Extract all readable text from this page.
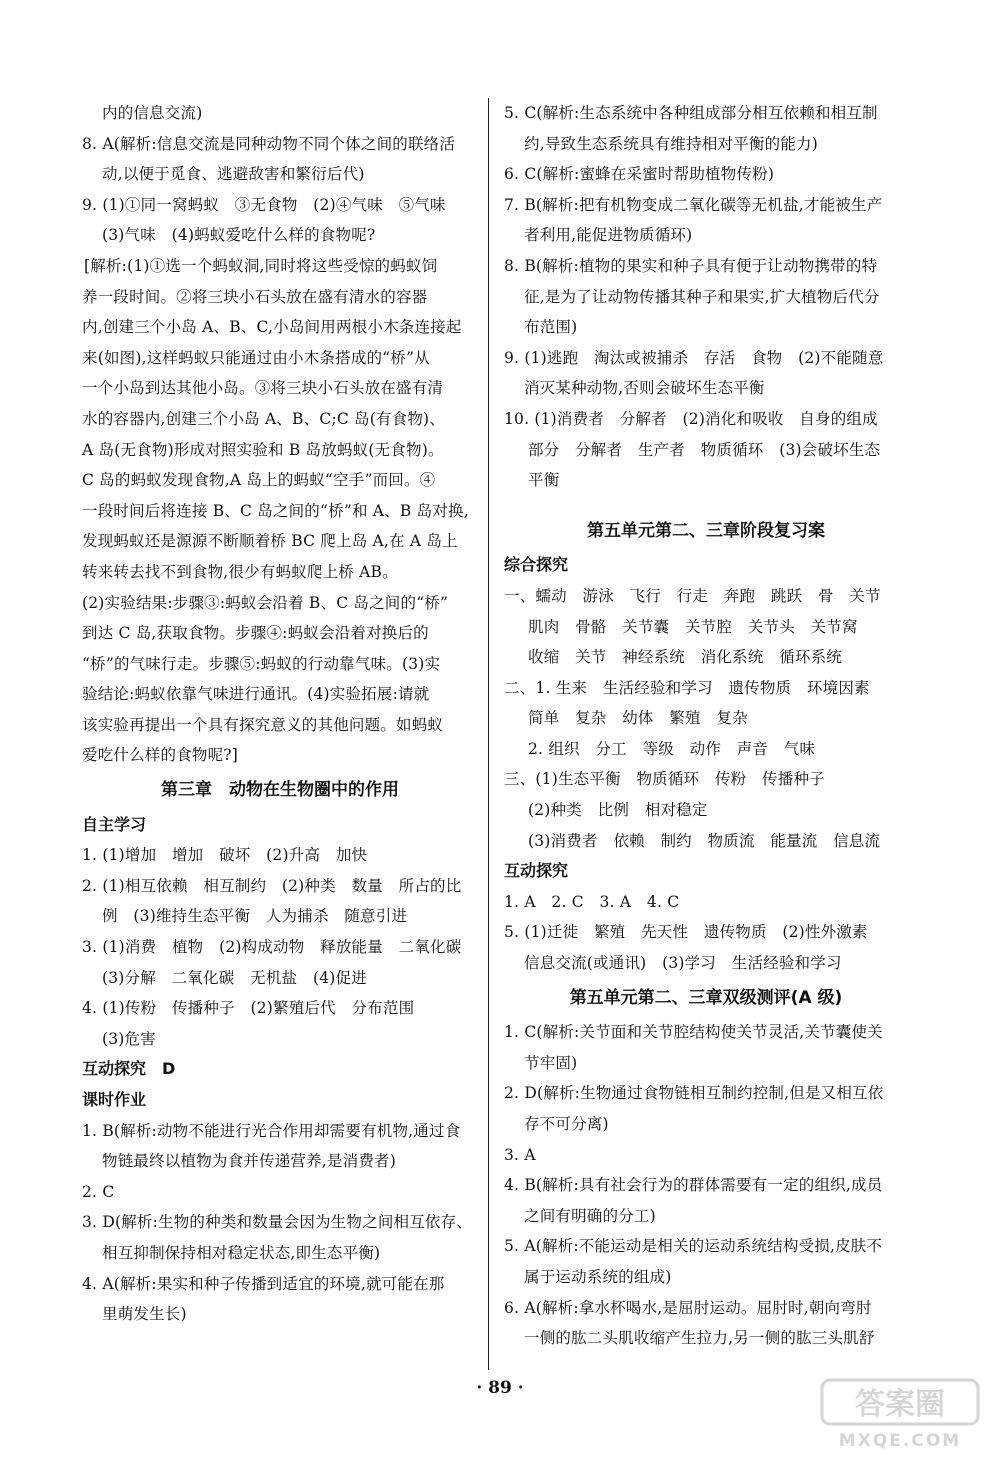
内的信息交流)
8. A(解析:信息交流是同种动物不同个体之间的联络活
动,以便于觅食、逃避敌害和繁衍后代)
9. (1)①同一窝蚂蚁　③无食物　(2)④气味　⑤气味
(3)气味　(4)蚂蚁爱吃什么样的食物呢?
[解析:(1)①选一个蚂蚁洞,同时将这些受惊的蚂蚁饲
养一段时间。②将三块小石头放在盛有清水的容器
内,创建三个小岛 A、B、C,小岛间用两根小木条连接起
来(如图),这样蚂蚁只能通过由小木条搭成的“桥”从
一个小岛到达其他小岛。③将三块小石头放在盛有清
水的容器内,创建三个小岛 A、B、C;C 岛(有食物)、
A 岛(无食物)形成对照实验和 B 岛放蚂蚁(无食物)。
C 岛的蚂蚁发现食物,A 岛上的蚂蚁“空手”而回。④
一段时间后将连接 B、C 岛之间的“桥”和 A、B 岛对换,
发现蚂蚁还是源源不断顺着桥 BC 爬上岛 A,在 A 岛上
转来转去找不到食物,很少有蚂蚁爬上桥 AB。
(2)实验结果:步骤③:蚂蚁会沿着 B、C 岛之间的“桥”
到达 C 岛,获取食物。步骤④:蚂蚁会沿着对换后的
“桥”的气味行走。步骤⑤:蚂蚁的行动靠气味。(3)实
验结论:蚂蚁依靠气味进行通讯。(4)实验拓展:请就
该实验再提出一个具有探究意义的其他问题。如蚂蚁
爱吃什么样的食物呢?]
第三章　动物在生物圈中的作用
自主学习
1. (1)增加　增加　破坏　(2)升高　加快
2. (1)相互依赖　相互制约　(2)种类　数量　所占的比
例　(3)维持生态平衡　人为捕杀　随意引进
3. (1)消费　植物　(2)构成动物　释放能量　二氧化碳
(3)分解　二氧化碳　无机盐　(4)促进
4. (1)传粉　传播种子　(2)繁殖后代　分布范围
(3)危害
互动探究　D
课时作业
1. B(解析:动物不能进行光合作用却需要有机物,通过食
物链最终以植物为食并传递营养,是消费者)
2. C
3. D(解析:生物的种类和数量会因为生物之间相互依存、
相互抑制保持相对稳定状态,即生态平衡)
4. A(解析:果实和种子传播到适宜的环境,就可能在那
里萌发生长)
5. C(解析:生态系统中各种组成部分相互依赖和相互制
约,导致生态系统具有维持相对平衡的能力)
6. C(解析:蜜蜂在采蜜时帮助植物传粉)
7. B(解析:把有机物变成二氧化碳等无机盐,才能被生产
者利用,能促进物质循环)
8. B(解析:植物的果实和种子具有便于让动物携带的特
征,是为了让动物传播其种子和果实,扩大植物后代分
布范围)
9. (1)逃跑　淘汰或被捕杀　存活　食物　(2)不能随意
消灭某种动物,否则会破坏生态平衡
10. (1)消费者　分解者　(2)消化和吸收　自身的组成
部分　分解者　生产者　物质循环　(3)会破坏生态
平衡
第五单元第二、三章阶段复习案
综合探究
一、蠕动　游泳　飞行　行走　奔跑　跳跃　骨　关节
肌肉　骨骼　关节囊　关节腔　关节头　关节窝
收缩　关节　神经系统　消化系统　循环系统
二、1. 生来　生活经验和学习　遗传物质　环境因素
简单　复杂　幼体　繁殖　复杂
2. 组织　分工　等级　动作　声音　气味
三、(1)生态平衡　物质循环　传粉　传播种子
(2)种类　比例　相对稳定
(3)消费者　依赖　制约　物质流　能量流　信息流
互动探究
1. A　2. C　3. A　4. C
5. (1)迁徙　繁殖　先天性　遗传物质　(2)性外激素
信息交流(或通讯)　(3)学习　生活经验和学习
第五单元第二、三章双级测评(A 级)
1. C(解析:关节面和关节腔结构使关节灵活,关节囊使关
节牢固)
2. D(解析:生物通过食物链相互制约控制,但是又相互依
存不可分离)
3. A
4. B(解析:具有社会行为的群体需要有一定的组织,成员
之间有明确的分工)
5. A(解析:不能运动是相关的运动系统结构受损,皮肤不
属于运动系统的组成)
6. A(解析:拿水杯喝水,是屈肘运动。屈肘时,朝向弯肘
一侧的肱二头肌收缩产生拉力,另一侧的肱三头肌舒
· 89 ·	答案圈
MXQE.COM
